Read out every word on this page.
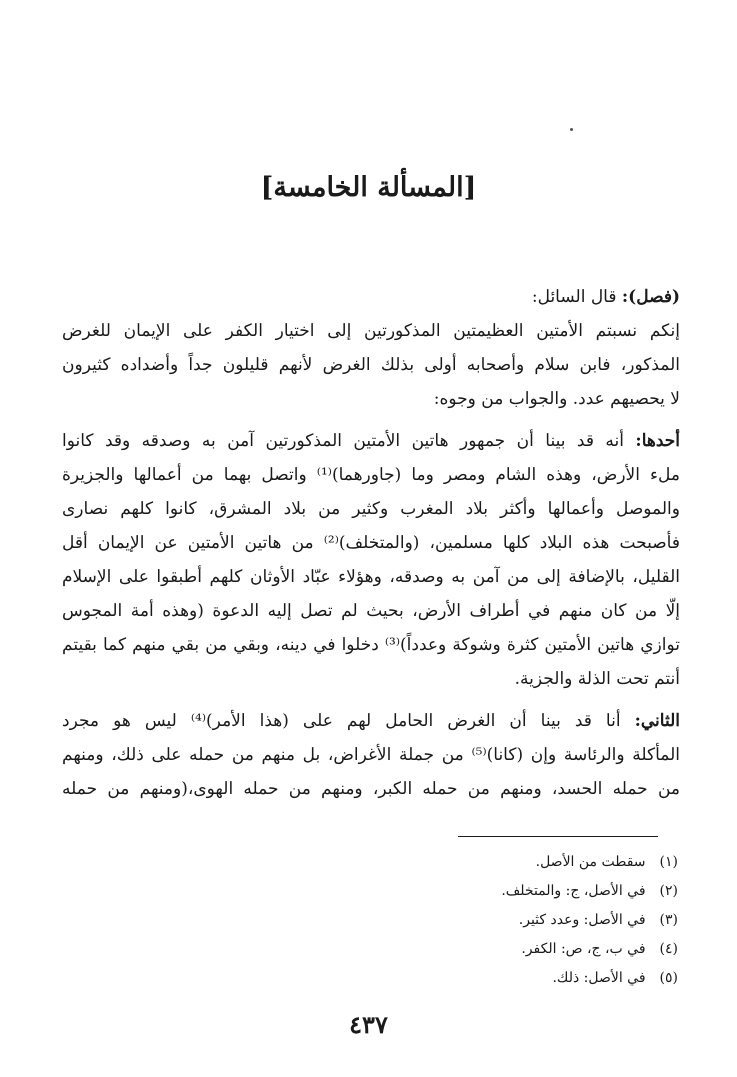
[المسألة الخامسة]
(فصل): قال السائل:
إنكم نسبتم الأمتين العظيمتين المذكورتين إلى اختيار الكفر على الإيمان للغرض
المذكور، فابن سلام وأصحابه أولى بذلك الغرض لأنهم قليلون جداً وأضداده كثيرون
لا يحصيهم عدد. والجواب من وجوه:
أحدها: أنه قد بينا أن جمهور هاتين الأمتين المذكورتين آمن به وصدقه وقد كانوا
ملء الأرض، وهذه الشام ومصر وما (جاورهما)⁽¹⁾ واتصل بهما من أعمالها والجزيرة
والموصل وأعمالها وأكثر بلاد المغرب وكثير من بلاد المشرق، كانوا كلهم نصارى
فأصبحت هذه البلاد كلها مسلمين، (والمتخلف)⁽²⁾ من هاتين الأمتين عن الإيمان أقل
القليل، بالإضافة إلى من آمن به وصدقه، وهؤلاء عبّاد الأوثان كلهم أطبقوا على الإسلام
إلّا من كان منهم في أطراف الأرض، بحيث لم تصل إليه الدعوة (وهذه أمة المجوس
توازي هاتين الأمتين كثرة وشوكة وعدداً)⁽³⁾ دخلوا في دينه، وبقي من بقي منهم كما بقيتم
أنتم تحت الذلة والجزية.
الثاني: أنا قد بينا أن الغرض الحامل لهم على (هذا الأمر)⁽⁴⁾ ليس هو مجرد
المأكلة والرئاسة وإن (كانا)⁽⁵⁾ من جملة الأغراض، بل منهم من حمله على ذلك، ومنهم
من حمله الحسد، ومنهم من حمله الكبر، ومنهم من حمله الهوى،(ومنهم من حمله
(١) سقطت من الأصل.
(٢) في الأصل، ج: والمتخلف.
(٣) في الأصل: وعدد كثير.
(٤) في ب، ج، ص: الكفر.
(٥) في الأصل: ذلك.
٤٣٧
